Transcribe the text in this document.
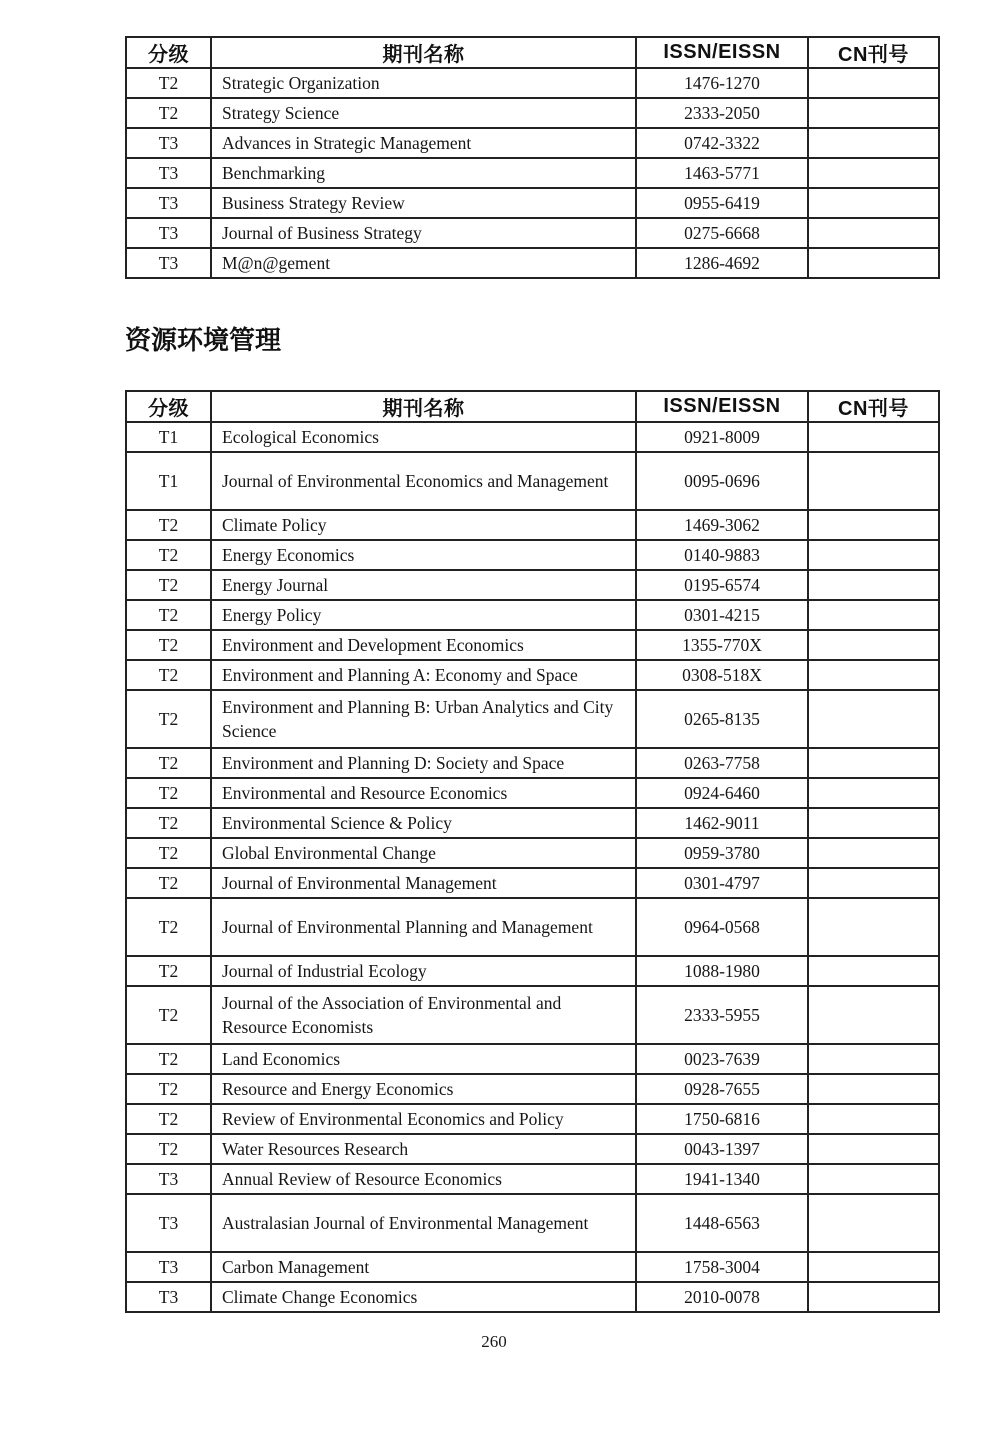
分级	期刊名称	ISSN/EISSN	CN刊号
T2	Strategic Organization	1476-1270	
T2	Strategy Science	2333-2050	
T3	Advances in Strategic Management	0742-3322	
T3	Benchmarking	1463-5771	
T3	Business Strategy Review	0955-6419	
T3	Journal of Business Strategy	0275-6668	
T3	M@n@gement	1286-4692	
资源环境管理
分级	期刊名称	ISSN/EISSN	CN刊号
T1	Ecological Economics	0921-8009	
T1	Journal of Environmental Economics and Management	0095-0696	
T2	Climate Policy	1469-3062	
T2	Energy Economics	0140-9883	
T2	Energy Journal	0195-6574	
T2	Energy Policy	0301-4215	
T2	Environment and Development Economics	1355-770X	
T2	Environment and Planning A: Economy and Space	0308-518X	
T2	Environment and Planning B: Urban Analytics and City Science	0265-8135	
T2	Environment and Planning D: Society and Space	0263-7758	
T2	Environmental and Resource Economics	0924-6460	
T2	Environmental Science & Policy	1462-9011	
T2	Global Environmental Change	0959-3780	
T2	Journal of Environmental Management	0301-4797	
T2	Journal of Environmental Planning and Management	0964-0568	
T2	Journal of Industrial Ecology	1088-1980	
T2	Journal of the Association of Environmental and Resource Economists	2333-5955	
T2	Land Economics	0023-7639	
T2	Resource and Energy Economics	0928-7655	
T2	Review of Environmental Economics and Policy	1750-6816	
T2	Water Resources Research	0043-1397	
T3	Annual Review of Resource Economics	1941-1340	
T3	Australasian Journal of Environmental Management	1448-6563	
T3	Carbon Management	1758-3004	
T3	Climate Change Economics	2010-0078	
260
